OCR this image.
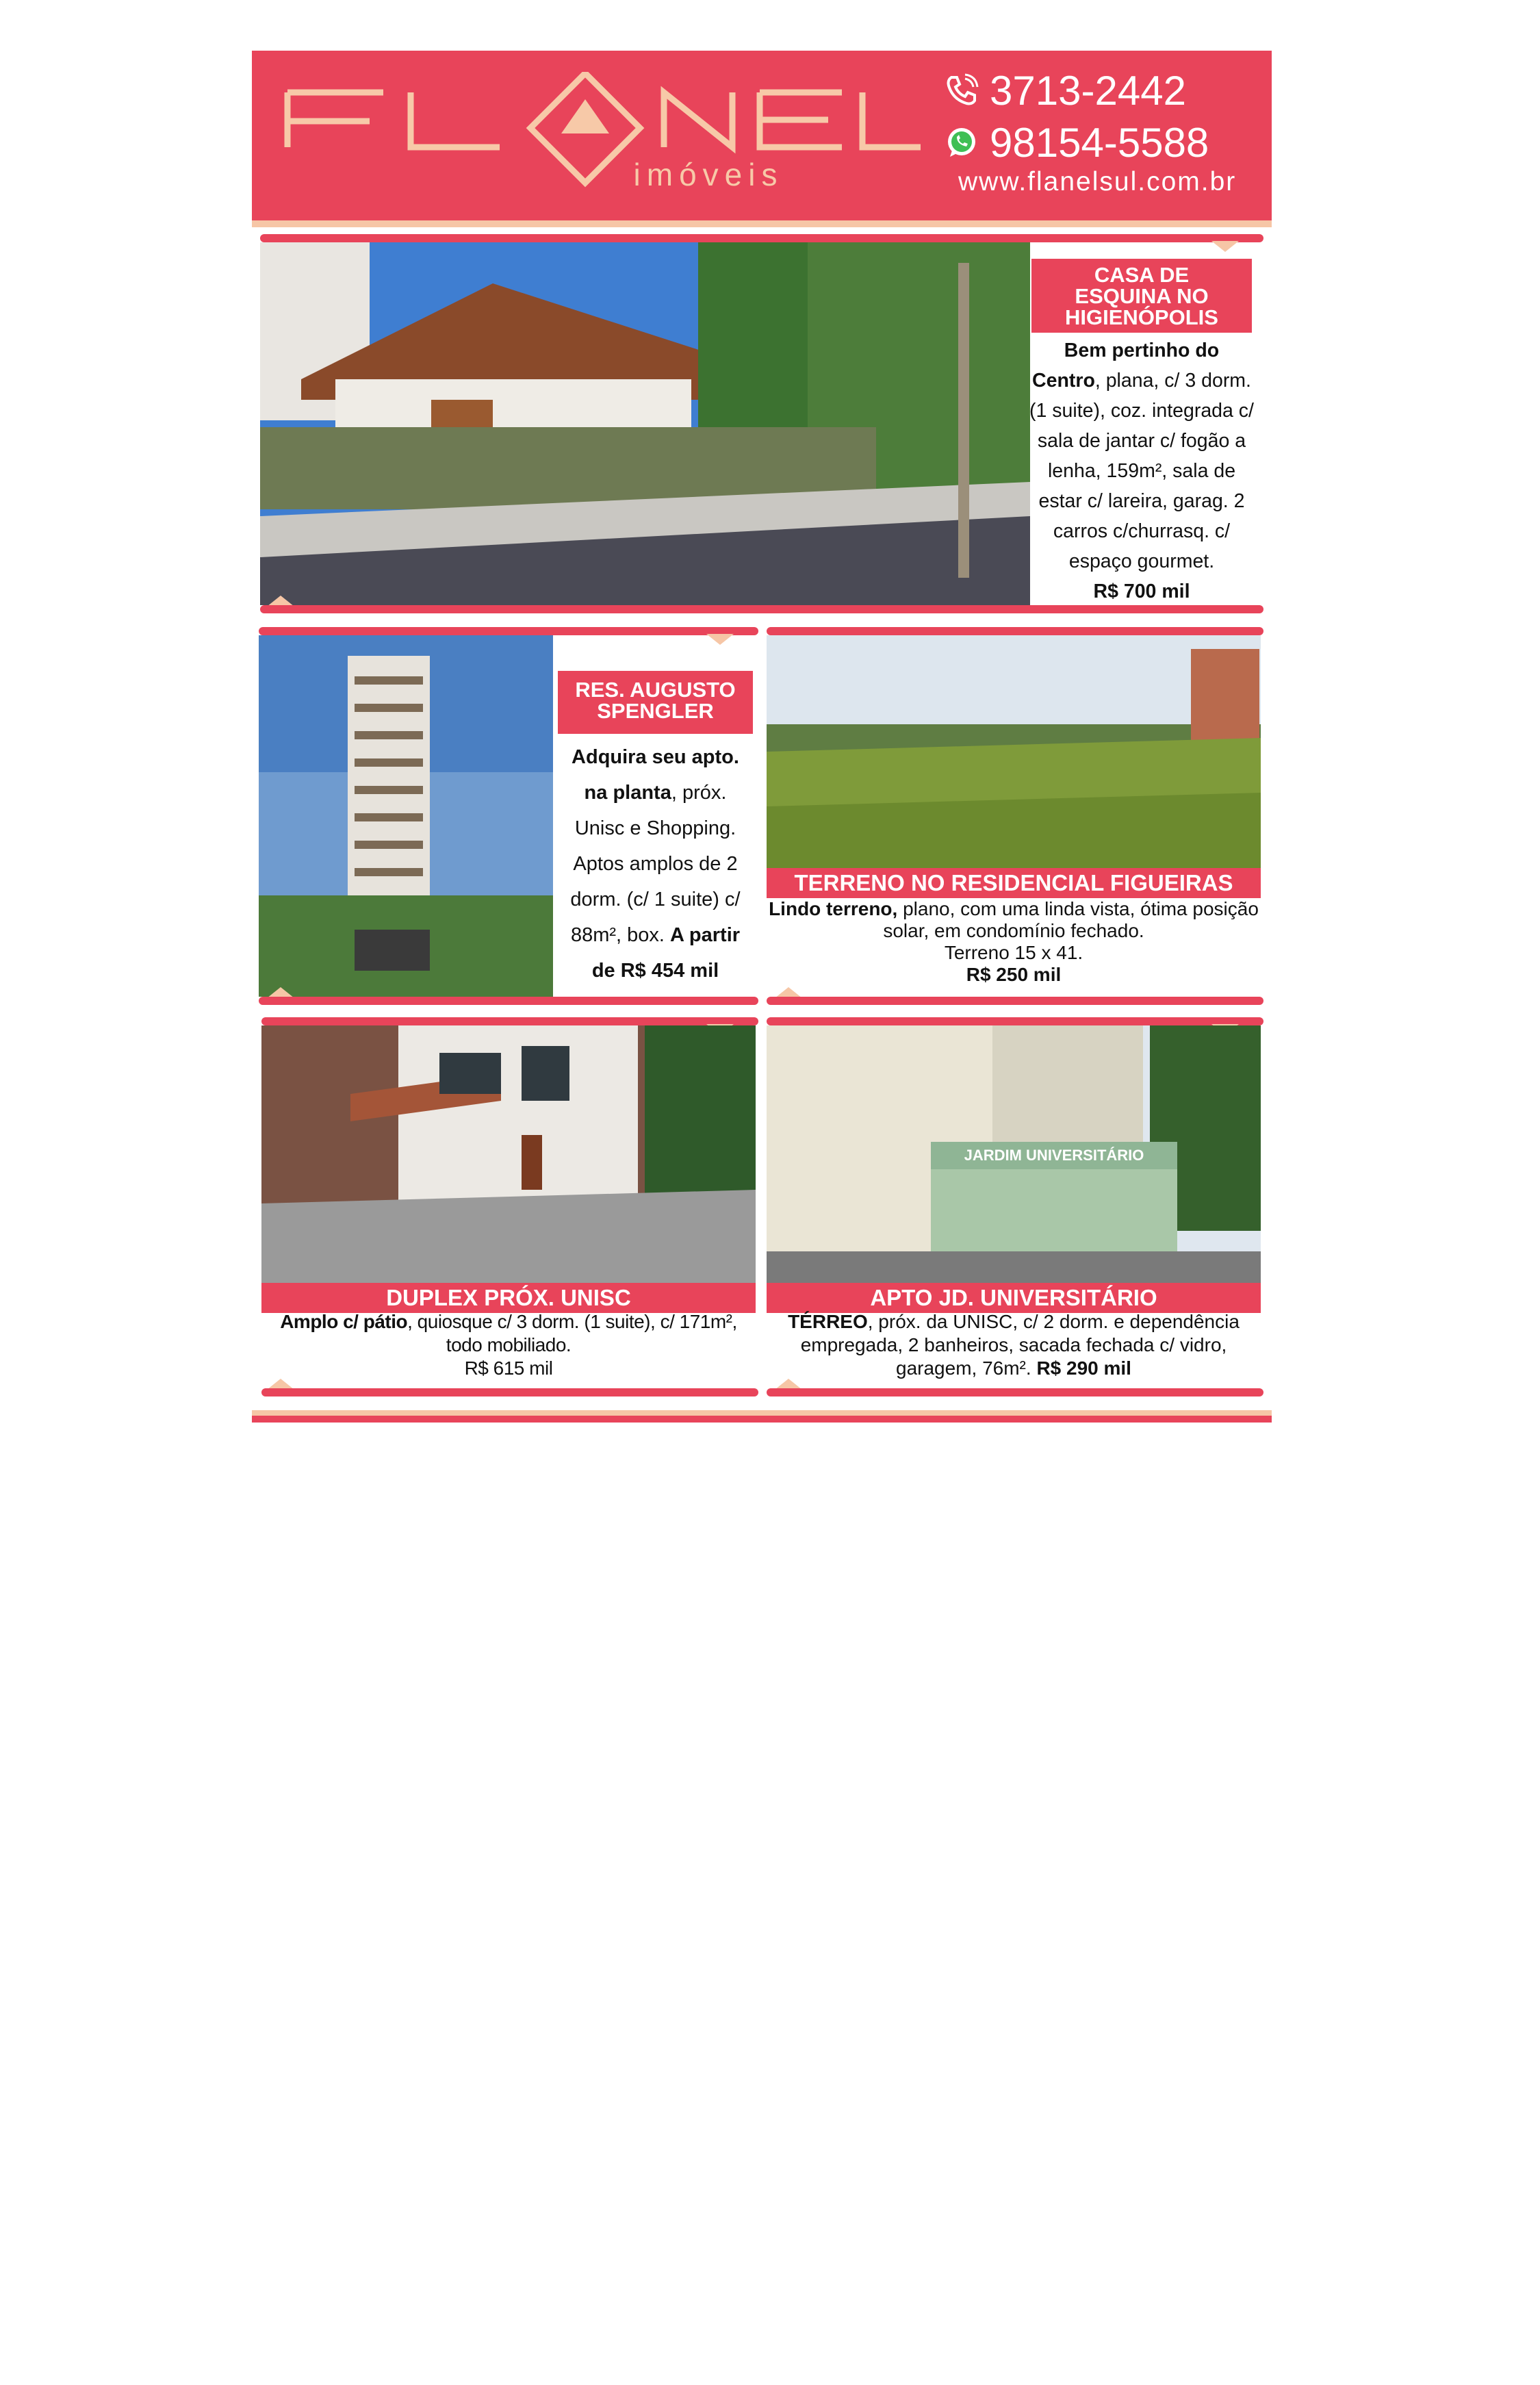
imóveis
3713-2442
98154-5588
www.flanelsul.com.br
CASA DE
ESQUINA NO
HIGIENÓPOLIS
Bem pertinho do
Centro, plana, c/ 3 dorm. (1 suite), coz. integrada c/ sala de jantar c/ fogão a lenha, 159m², sala de estar c/ lareira, garag. 2 carros c/churrasq. c/ espaço gourmet.
R$ 700 mil
RES. AUGUSTO
SPENGLER
Adquira seu apto.
na planta, próx. Unisc e Shopping. Aptos amplos de 2 dorm. (c/ 1 suite) c/ 88m², box. A partir de R$ 454 mil
TERRENO NO RESIDENCIAL FIGUEIRAS
Lindo terreno, plano, com uma linda vista, ótima posição solar, em condomínio fechado.
Terreno 15 x 41.
R$ 250 mil
DUPLEX PRÓX. UNISC
Amplo c/ pátio, quiosque c/ 3 dorm. (1 suite), c/ 171m², todo mobiliado.
R$ 615 mil
JARDIM UNIVERSITÁRIO
APTO JD. UNIVERSITÁRIO
TÉRREO, próx. da UNISC, c/ 2 dorm. e dependência empregada, 2 banheiros, sacada fechada c/ vidro, garagem, 76m². R$ 290 mil
